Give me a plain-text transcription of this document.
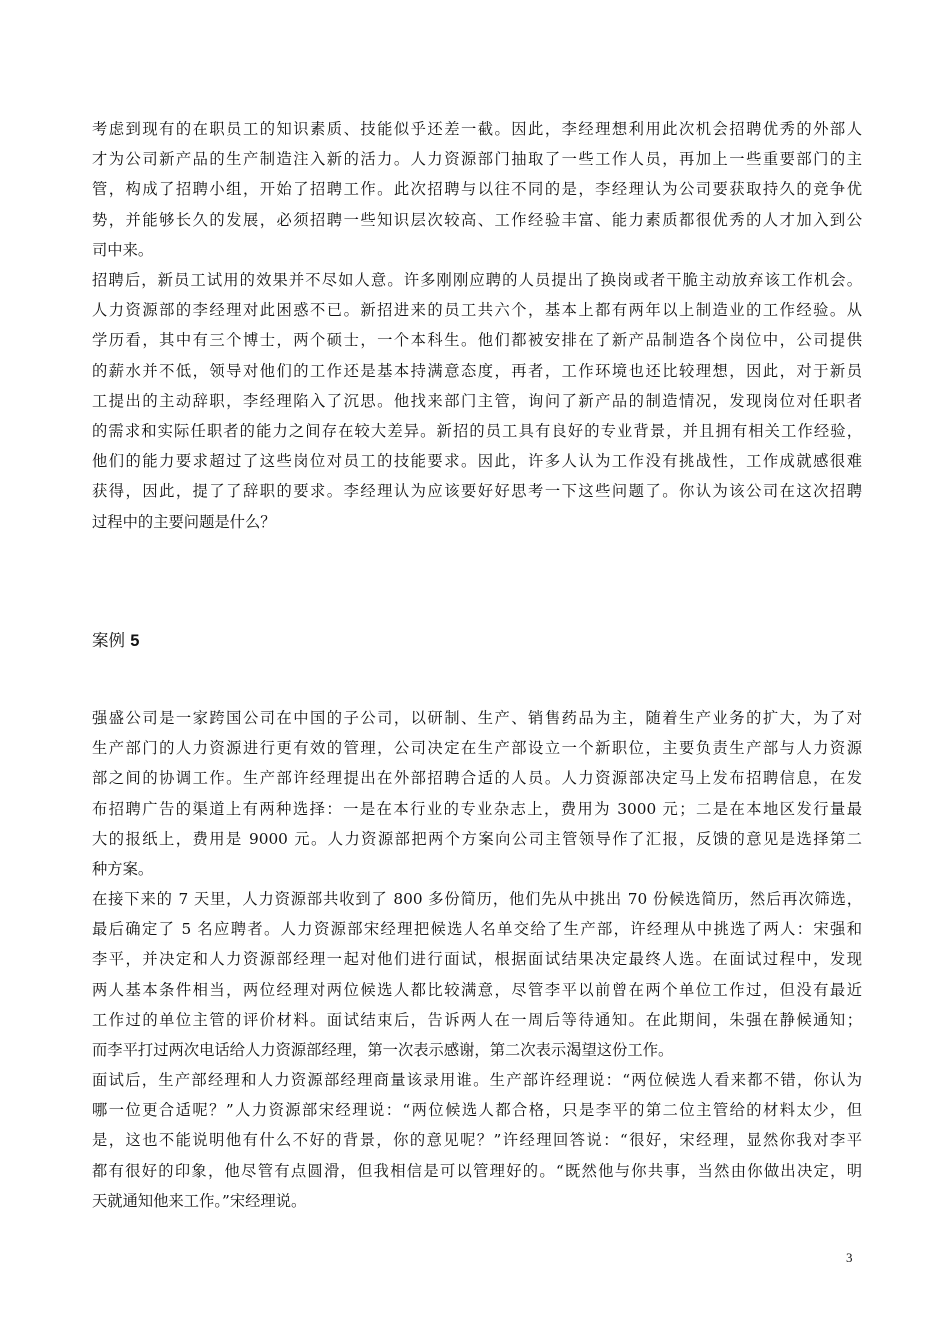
考虑到现有的在职员工的知识素质、技能似乎还差一截。因此，李经理想利用此次机会招聘优秀的外部人
才为公司新产品的生产制造注入新的活力。人力资源部门抽取了一些工作人员，再加上一些重要部门的主
管，构成了招聘小组，开始了招聘工作。此次招聘与以往不同的是，李经理认为公司要获取持久的竞争优
势，并能够长久的发展，必须招聘一些知识层次较高、工作经验丰富、能力素质都很优秀的人才加入到公
司中来。
招聘后，新员工试用的效果并不尽如人意。许多刚刚应聘的人员提出了换岗或者干脆主动放弃该工作机会。
人力资源部的李经理对此困惑不已。新招进来的员工共六个，基本上都有两年以上制造业的工作经验。从
学历看，其中有三个博士，两个硕士，一个本科生。他们都被安排在了新产品制造各个岗位中，公司提供
的薪水并不低，领导对他们的工作还是基本持满意态度，再者，工作环境也还比较理想，因此，对于新员
工提出的主动辞职，李经理陷入了沉思。他找来部门主管，询问了新产品的制造情况，发现岗位对任职者
的需求和实际任职者的能力之间存在较大差异。新招的员工具有良好的专业背景，并且拥有相关工作经验，
他们的能力要求超过了这些岗位对员工的技能要求。因此，许多人认为工作没有挑战性，工作成就感很难
获得，因此，提了了辞职的要求。李经理认为应该要好好思考一下这些问题了。你认为该公司在这次招聘
过程中的主要问题是什么？
案例 5
强盛公司是一家跨国公司在中国的子公司，以研制、生产、销售药品为主，随着生产业务的扩大，为了对
生产部门的人力资源进行更有效的管理，公司决定在生产部设立一个新职位，主要负责生产部与人力资源
部之间的协调工作。生产部许经理提出在外部招聘合适的人员。人力资源部决定马上发布招聘信息，在发
布招聘广告的渠道上有两种选择：一是在本行业的专业杂志上，费用为 3000 元；二是在本地区发行量最
大的报纸上，费用是 9000 元。人力资源部把两个方案向公司主管领导作了汇报，反馈的意见是选择第二
种方案。
在接下来的 7 天里，人力资源部共收到了 800 多份简历，他们先从中挑出 70 份候选简历，然后再次筛选，
最后确定了 5 名应聘者。人力资源部宋经理把候选人名单交给了生产部，许经理从中挑选了两人：宋强和
李平，并决定和人力资源部经理一起对他们进行面试，根据面试结果决定最终人选。在面试过程中，发现
两人基本条件相当，两位经理对两位候选人都比较满意，尽管李平以前曾在两个单位工作过，但没有最近
工作过的单位主管的评价材料。面试结束后，告诉两人在一周后等待通知。在此期间，朱强在静候通知；
而李平打过两次电话给人力资源部经理，第一次表示感谢，第二次表示渴望这份工作。
面试后，生产部经理和人力资源部经理商量该录用谁。生产部许经理说：“两位候选人看来都不错，你认为
哪一位更合适呢？”人力资源部宋经理说：“两位候选人都合格，只是李平的第二位主管给的材料太少，但
是，这也不能说明他有什么不好的背景，你的意见呢？”许经理回答说：“很好，宋经理，显然你我对李平
都有很好的印象，他尽管有点圆滑，但我相信是可以管理好的。“既然他与你共事，当然由你做出决定，明
天就通知他来工作。”宋经理说。
3
